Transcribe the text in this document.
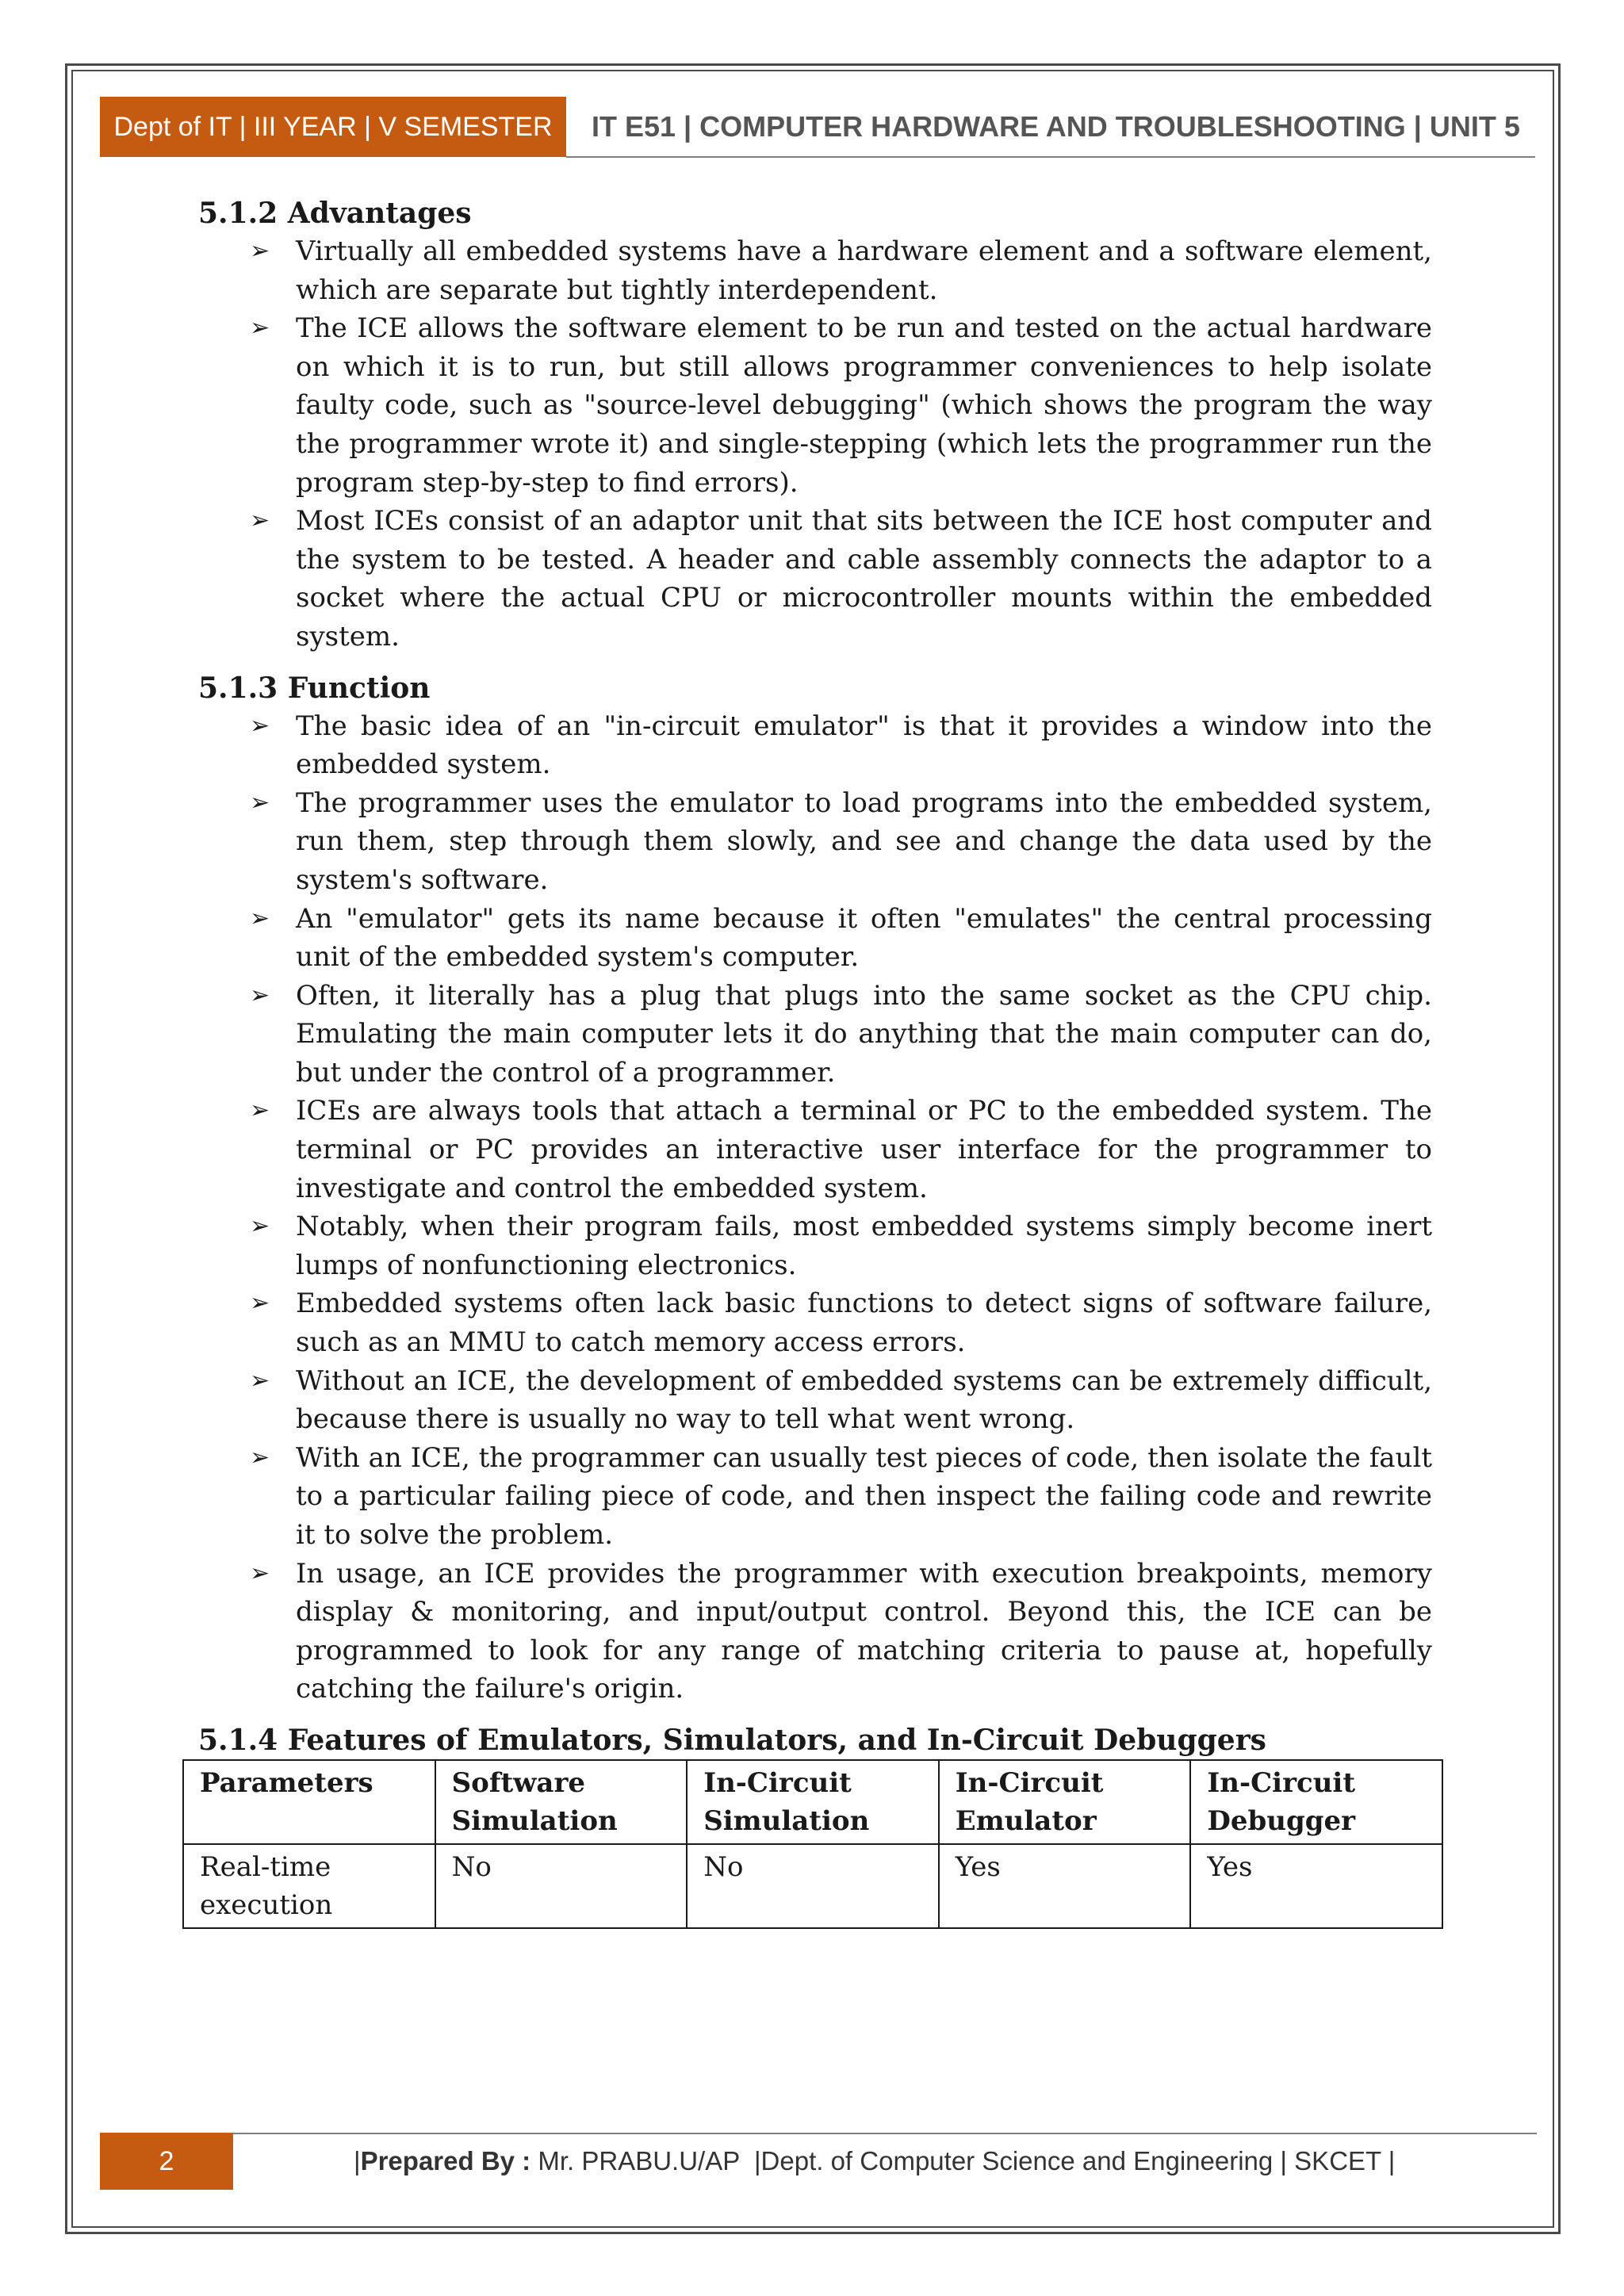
Dept of IT | III YEAR | V SEMESTER	IT E51 | COMPUTER HARDWARE AND TROUBLESHOOTING | UNIT 5
5.1.2 Advantages
➢ Virtually all embedded systems have a hardware element and a software element, which are separate but tightly interdependent.
➢ The ICE allows the software element to be run and tested on the actual hardware on which it is to run, but still allows programmer conveniences to help isolate faulty code, such as "source-level debugging" (which shows the program the way the programmer wrote it) and single-stepping (which lets the programmer run the program step-by-step to find errors).
➢ Most ICEs consist of an adaptor unit that sits between the ICE host computer and the system to be tested. A header and cable assembly connects the adaptor to a socket where the actual CPU or microcontroller mounts within the embedded system.
5.1.3 Function
➢ The basic idea of an "in-circuit emulator" is that it provides a window into the embedded system.
➢ The programmer uses the emulator to load programs into the embedded system, run them, step through them slowly, and see and change the data used by the system's software.
➢ An "emulator" gets its name because it often "emulates" the central processing unit of the embedded system's computer.
➢ Often, it literally has a plug that plugs into the same socket as the CPU chip. Emulating the main computer lets it do anything that the main computer can do, but under the control of a programmer.
➢ ICEs are always tools that attach a terminal or PC to the embedded system. The terminal or PC provides an interactive user interface for the programmer to investigate and control the embedded system.
➢ Notably, when their program fails, most embedded systems simply become inert lumps of nonfunctioning electronics.
➢ Embedded systems often lack basic functions to detect signs of software failure, such as an MMU to catch memory access errors.
➢ Without an ICE, the development of embedded systems can be extremely difficult, because there is usually no way to tell what went wrong.
➢ With an ICE, the programmer can usually test pieces of code, then isolate the fault to a particular failing piece of code, and then inspect the failing code and rewrite it to solve the problem.
➢ In usage, an ICE provides the programmer with execution breakpoints, memory display & monitoring, and input/output control. Beyond this, the ICE can be programmed to look for any range of matching criteria to pause at, hopefully catching the failure's origin.
5.1.4 Features of Emulators, Simulators, and In-Circuit Debuggers
Parameters	Software Simulation	In-Circuit Simulation	In-Circuit Emulator	In-Circuit Debugger
Real-time execution	No	No	Yes	Yes
2	| Prepared By : Mr. PRABU.U/AP  |Dept. of Computer Science and Engineering | SKCET |
